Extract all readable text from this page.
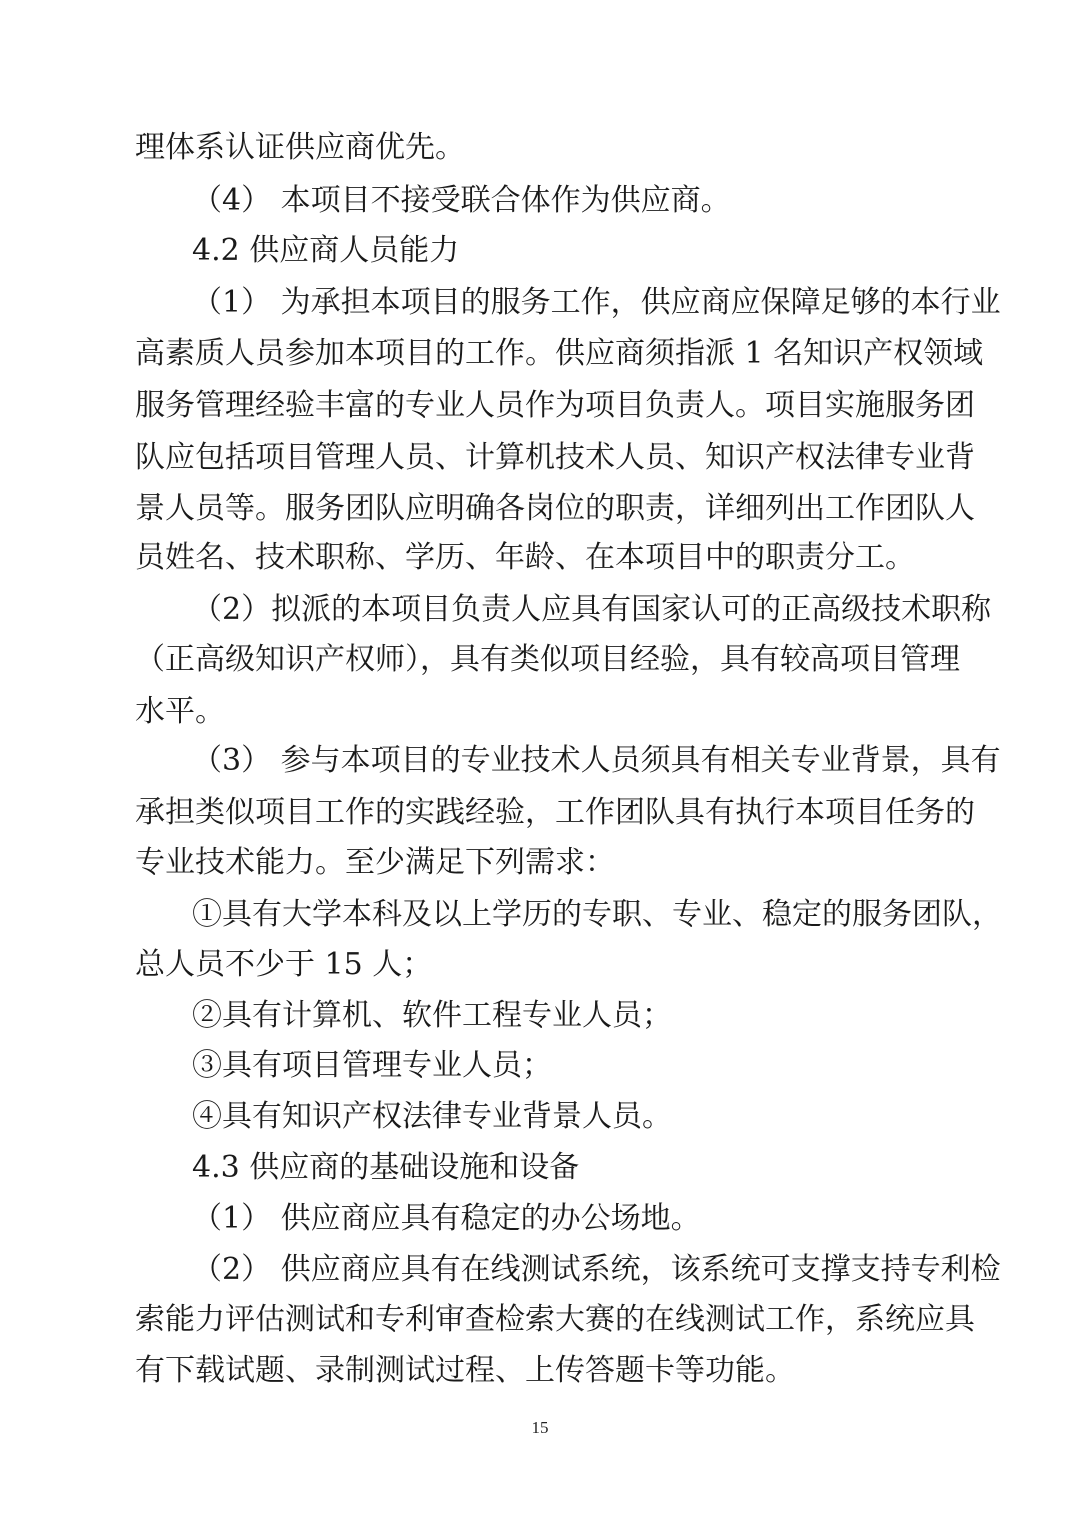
理体系认证供应商优先。
（4） 本项目不接受联合体作为供应商。
4.2 供应商人员能力
（1） 为承担本项目的服务工作，供应商应保障足够的本行业
高素质人员参加本项目的工作。供应商须指派 1 名知识产权领域
服务管理经验丰富的专业人员作为项目负责人。项目实施服务团
队应包括项目管理人员、计算机技术人员、知识产权法律专业背
景人员等。服务团队应明确各岗位的职责，详细列出工作团队人
员姓名、技术职称、学历、年龄、在本项目中的职责分工。
（2）拟派的本项目负责人应具有国家认可的正高级技术职称
（正高级知识产权师），具有类似项目经验，具有较高项目管理
水平。
（3） 参与本项目的专业技术人员须具有相关专业背景，具有
承担类似项目工作的实践经验，工作团队具有执行本项目任务的
专业技术能力。至少满足下列需求：
①具有大学本科及以上学历的专职、专业、稳定的服务团队，
总人员不少于 15 人；
②具有计算机、软件工程专业人员；
③具有项目管理专业人员；
④具有知识产权法律专业背景人员。
4.3 供应商的基础设施和设备
（1） 供应商应具有稳定的办公场地。
（2） 供应商应具有在线测试系统，该系统可支撑支持专利检
索能力评估测试和专利审查检索大赛的在线测试工作，系统应具
有下载试题、录制测试过程、上传答题卡等功能。
15
